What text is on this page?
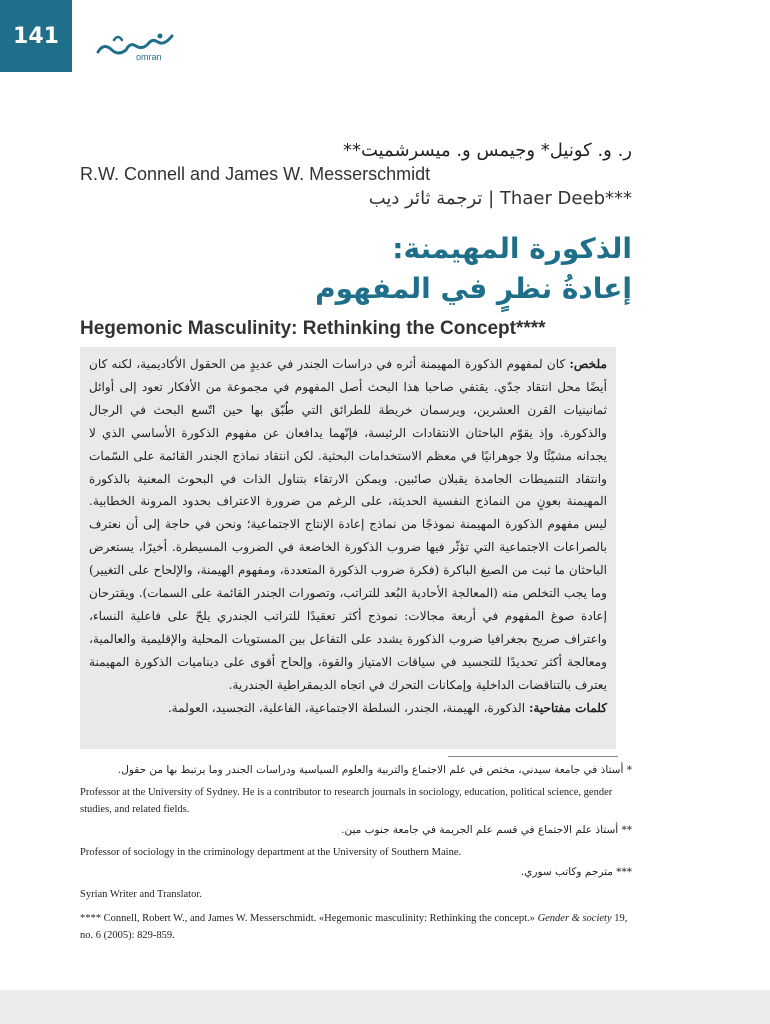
141
omran
ر. و. كونيل* وجيمس و. ميسرشميت**
R.W. Connell and James W. Messerschmidt
ترجمة ثائر ديب | Thaer Deeb***
الذكورة المهيمنة:
إعادةُ نظرٍ في المفهوم
Hegemonic Masculinity: Rethinking the Concept****

ملخص: كان لمفهوم الذكورة المهيمنة أثره في دراسات الجندر في عديدٍ من الحقول الأكاديمية، لكنه كان أيضًا محل انتقاد جدّي. يقتفي صاحبا هذا البحث أصل المفهوم في مجموعة من الأفكار تعود إلى أوائل ثمانينيات القرن العشرين، ويرسمان خريطة للطرائق التي طُبّق بها حين اتّسع البحث في الرجال والذكورة. وإذ يقوّم الباحثان الانتقادات الرئيسة، فإنّهما يدافعان عن مفهوم الذكورة الأساسي الذي لا يجدانه مشيّئًا ولا جوهرانيًا في معظم الاستخدامات البحثية. لكن انتقاد نماذج الجندر القائمة على السّمات وانتقاد التنميطات الجامدة يقبلان صائبين. ويمكن الارتقاء بتناول الذات في البحوث المعنية بالذكورة المهيمنة بعونٍ من النماذج النفسية الحديثة، على الرغم من ضرورة الاعتراف بحدود المرونة الخطابية. ليس مفهوم الذكورة المهيمنة نموذجًا من نماذج إعادة الإنتاج الاجتماعية؛ ونحن في حاجة إلى أن نعترف بالصراعات الاجتماعية التي تؤثّر فيها ضروب الذكورة الخاضعة في الضروب المسيطرة. أخيرًا، يستعرض الباحثان ما ثبت من الصيغ الباكرة (فكرة ضروب الذكورة المتعددة، ومفهوم الهيمنة، والإلحاح على التغيير) وما يجب التخلص منه (المعالجة الأحادية البُعد للتراتب، وتصورات الجندر القائمة على السمات). ويقترحان إعادة صوغ المفهوم في أربعة مجالات: نموذج أكثر تعقيدًا للتراتب الجندري يلحّ على فاعلية النساء، واعتراف صريح بجغرافيا ضروب الذكورة يشدد على التفاعل بين المستويات المحلية والإقليمية والعالمية، ومعالجة أكثر تحديدًا للتجسيد في سياقات الامتياز والقوة، وإلحاح أقوى على ديناميات الذكورة المهيمنة يعترف بالتناقضات الداخلية وإمكانات التحرك في اتجاه الديمقراطية الجندرية.

كلمات مفتاحية: الذكورة، الهيمنة، الجندر، السلطة الاجتماعية، الفاعلية، التجسيد، العولمة.

* أستاذ في جامعة سيدني، مختص في علم الاجتماع والتربية والعلوم السياسية ودراسات الجندر وما يرتبط بها من حقول.
Professor at the University of Sydney. He is a contributor to research journals in sociology, education, political science, gender studies, and related fields.
** أستاذ علم الاجتماع في قسم علم الجريمة في جامعة جنوب مين.
Professor of sociology in the criminology department at the University of Southern Maine.
*** مترجم وكاتب سوري.
Syrian Writer and Translator.
**** Connell, Robert W., and James W. Messerschmidt. «Hegemonic masculinity: Rethinking the concept.» Gender & society 19, no. 6 (2005): 829-859.
